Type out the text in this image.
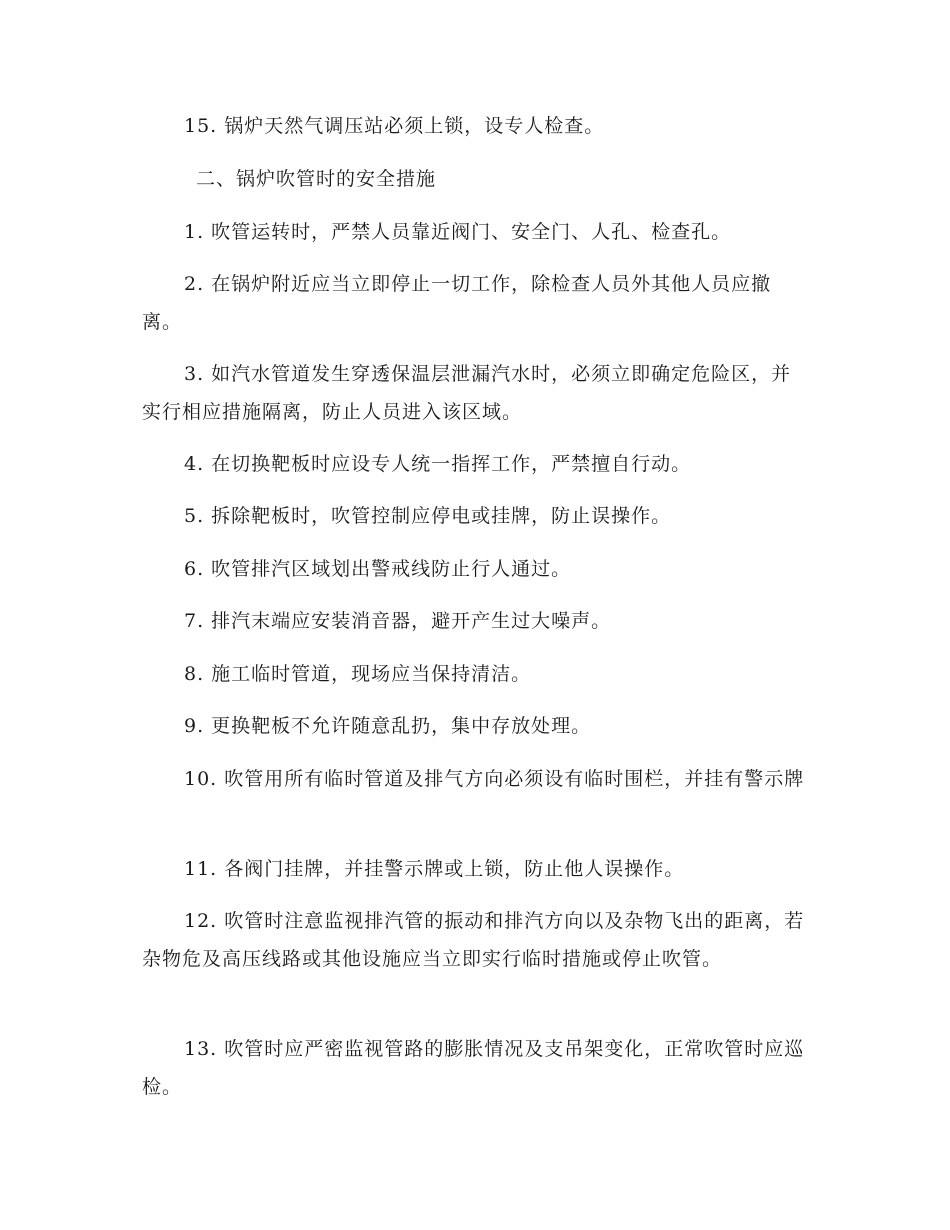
15. 锅炉天然气调压站必须上锁，设专人检查。

二、锅炉吹管时的安全措施

1. 吹管运转时，严禁人员靠近阀门、安全门、人孔、检查孔。

2. 在锅炉附近应当立即停止一切工作，除检查人员外其他人员应撤离。

3. 如汽水管道发生穿透保温层泄漏汽水时，必须立即确定危险区，并实行相应措施隔离，防止人员进入该区域。

4. 在切换靶板时应设专人统一指挥工作，严禁擅自行动。

5. 拆除靶板时，吹管控制应停电或挂牌，防止误操作。

6. 吹管排汽区域划出警戒线防止行人通过。

7. 排汽末端应安装消音器，避开产生过大噪声。

8. 施工临时管道，现场应当保持清洁。

9. 更换靶板不允许随意乱扔，集中存放处理。

10. 吹管用所有临时管道及排气方向必须设有临时围栏，并挂有警示牌

11. 各阀门挂牌，并挂警示牌或上锁，防止他人误操作。

12. 吹管时注意监视排汽管的振动和排汽方向以及杂物飞出的距离，若杂物危及高压线路或其他设施应当立即实行临时措施或停止吹管。

13. 吹管时应严密监视管路的膨胀情况及支吊架变化，正常吹管时应巡检。
